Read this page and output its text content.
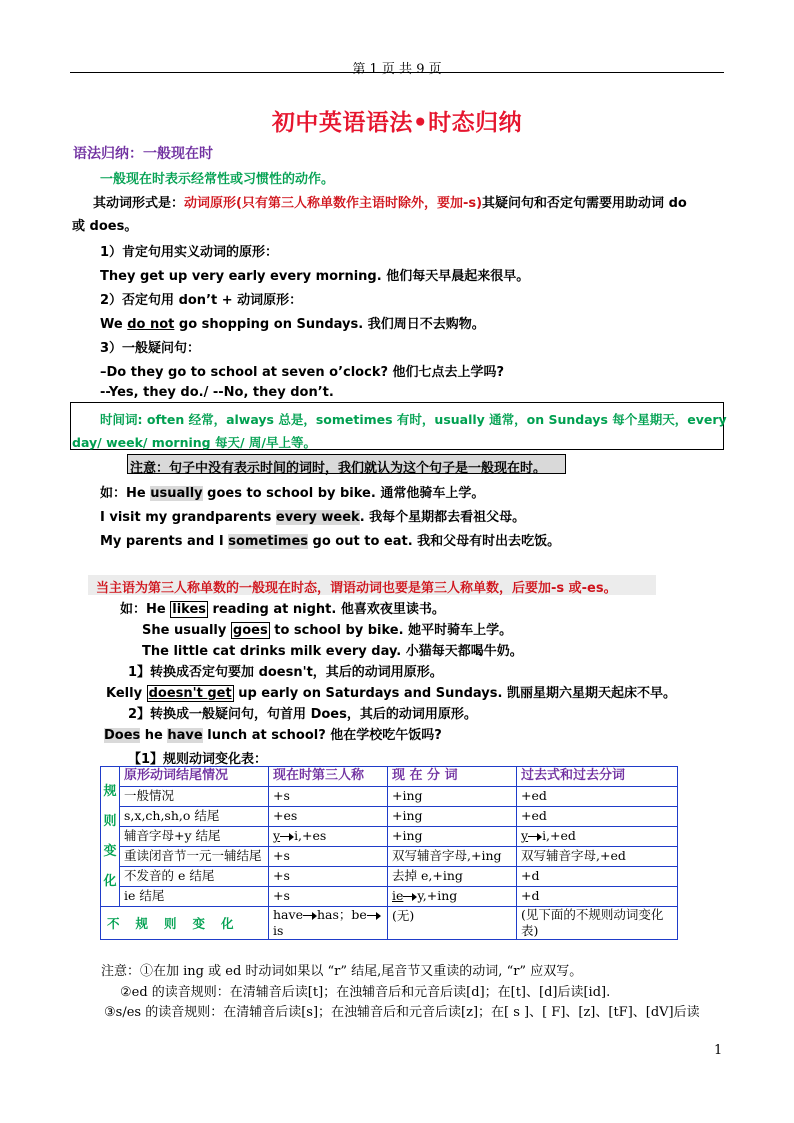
第 1 页 共 9 页
初中英语语法•时态归纳
语法归纳：一般现在时
一般现在时表示经常性或习惯性的动作。
其动词形式是：动词原形(只有第三人称单数作主语时除外，要加-s)其疑问句和否定句需要用助动词 do
或 does。
1）肯定句用实义动词的原形：
They get up very early every morning. 他们每天早晨起来很早。
2）否定句用 don’t + 动词原形：
We do not go shopping on Sundays. 我们周日不去购物。
3）一般疑问句：
–Do they go to school at seven o’clock? 他们七点去上学吗?
--Yes, they do./ --No, they don’t.
时间词: often 经常，always 总是，sometimes 有时，usually 通常，on Sundays 每个星期天，every
day/ week/ morning 每天/ 周/早上等。
注意：句子中没有表示时间的词时，我们就认为这个句子是一般现在时。
如：He usually goes to school by bike. 通常他骑车上学。
I visit my grandparents every week. 我每个星期都去看祖父母。
My parents and I sometimes go out to eat. 我和父母有时出去吃饭。
当主语为第三人称单数的一般现在时态，谓语动词也要是第三人称单数，后要加-s 或-es。
如：He likes reading at night. 他喜欢夜里读书。
She usually goes to school by bike. 她平时骑车上学。
The little cat drinks milk every day. 小猫每天都喝牛奶。
1】转换成否定句要加 doesn't，其后的动词用原形。
Kelly doesn't get up early on Saturdays and Sundays. 凯丽星期六星期天起床不早。
2】转换成一般疑问句，句首用 Does，其后的动词用原形。
Does he have lunch at school? 他在学校吃午饭吗?
【1】规则动词变化表：
规
则
变
化	原形动词结尾情况	现在时第三人称	现 在 分 词	过去式和过去分词
	一般情况	+s	+ing	+ed
	s,x,ch,sh,o 结尾	+es	+ing	+ed
	辅音字母+y 结尾	y i,+es	+ing	y i,+ed
	重读闭音节一元一辅结尾	+s	双写辅音字母,+ing	双写辅音字母,+ed
	不发音的 e 结尾	+s	去掉 e,+ing	+d
	ie 结尾	+s	ie y,+ing	+d
不规则变化		have has；be
is	(无)	(见下面的不规则动词变化表)
注意：①在加 ing 或 ed 时动词如果以 “r” 结尾,尾音节又重读的动词, “r” 应双写。
②ed 的读音规则：在清辅音后读[t]；在浊辅音后和元音后读[d]；在[t]、[d]后读[id].
③s/es 的读音规则：在清辅音后读[s]；在浊辅音后和元音后读[z]；在[ s ]、[ F]、[z]、[tF]、[dV]后读
1
